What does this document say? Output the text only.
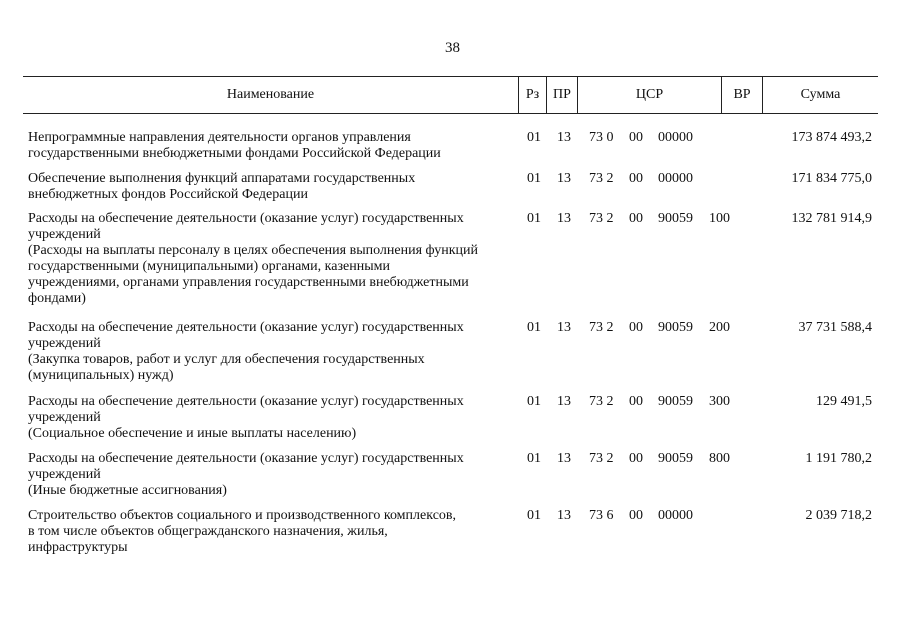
38
Наименование	Рз ПР	ЦСР	ВР	Сумма
Непрограммные направления деятельности органов управления
государственными внебюджетными фондами Российской Федерации
01 13 73 0 00 00000	173 874 493,2
Обеспечение выполнения функций аппаратами государственных
внебюджетных фондов Российской Федерации
01 13 73 2 00 00000	171 834 775,0
Расходы на обеспечение деятельности (оказание услуг) государственных
учреждений
(Расходы на выплаты персоналу в целях обеспечения выполнения функций
государственными (муниципальными) органами, казенными
учреждениями, органами управления государственными внебюджетными
фондами)
01 13 73 2 00 90059 100	132 781 914,9
Расходы на обеспечение деятельности (оказание услуг) государственных
учреждений
(Закупка товаров, работ и услуг для обеспечения государственных
(муниципальных) нужд)
01 13 73 2 00 90059 200	37 731 588,4
Расходы на обеспечение деятельности (оказание услуг) государственных
учреждений
(Социальное обеспечение и иные выплаты населению)
01 13 73 2 00 90059 300	129 491,5
Расходы на обеспечение деятельности (оказание услуг) государственных
учреждений
(Иные бюджетные ассигнования)
01 13 73 2 00 90059 800	1 191 780,2
Строительство объектов социального и производственного комплексов,
в том числе объектов общегражданского назначения, жилья,
инфраструктуры
01 13 73 6 00 00000	2 039 718,2
